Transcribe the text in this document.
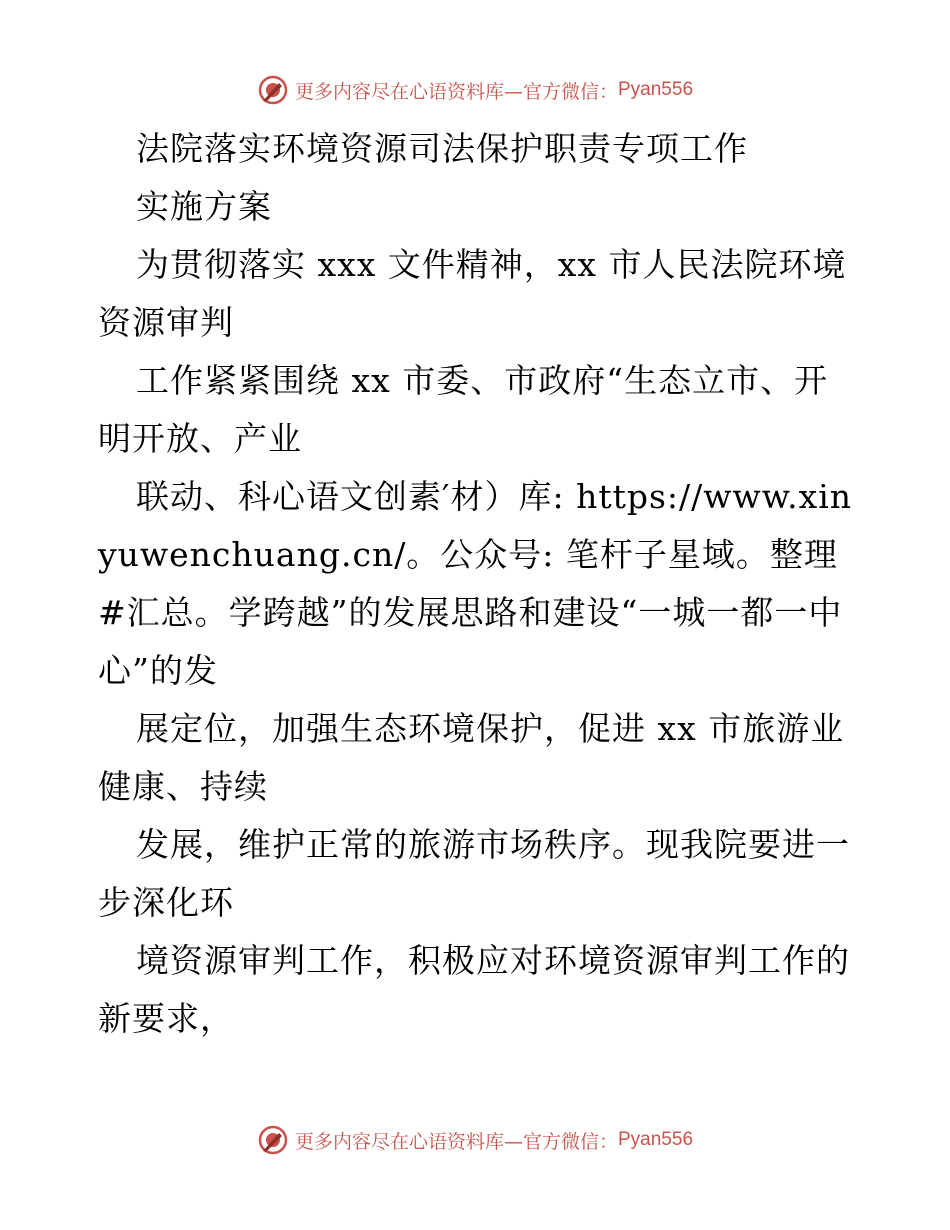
更多内容尽在心语资料库—官方微信： Pyan556

法院落实环境资源司法保护职责专项工作

实施方案

为贯彻落实 xxx 文件精神，xx 市人民法院环境资源审判

工作紧紧围绕 xx 市委、市政府“生态立市、开明开放、产业

联动、科心语文创素′材）库: https://www.xinyuwenchuang.cn/。公众号: 笔杆子星域。整理#汇总。学跨越”的发展思路和建设“一城一都一中心”的发

展定位，加强生态环境保护，促进 xx 市旅游业健康、持续

发展，维护正常的旅游市场秩序。现我院要进一步深化环

境资源审判工作，积极应对环境资源审判工作的新要求，

更多内容尽在心语资料库—官方微信： Pyan556
